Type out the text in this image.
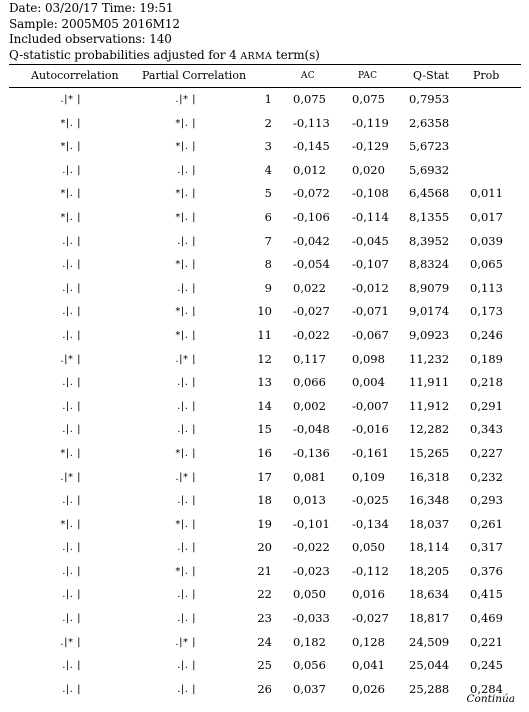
Date: 03/20/17 Time: 19:51
Sample: 2005M05 2016M12
Included observations: 140
Q-statistic probabilities adjusted for 4 ARMA term(s)
Autocorrelation Partial Correlation	AC	PAC	Q-Stat Prob
.|* |	.|* |	1 0,075 0,075 0,7953
*|. |	*|. |	2 -0,113 -0,119 2,6358
*|. |	*|. |	3 -0,145 -0,129 5,6723
.|. |	.|. |	4 0,012 0,020 5,6932
*|. |	*|. |	5 -0,072 -0,108 6,4568 0,011
*|. |	*|. |	6 -0,106 -0,114 8,1355 0,017
.|. |	.|. |	7 -0,042 -0,045 8,3952 0,039
.|. |	*|. |	8 -0,054 -0,107 8,8324 0,065
.|. |	.|. |	9 0,022 -0,012 8,9079 0,113
.|. |	*|. |	10 -0,027 -0,071 9,0174 0,173
.|. |	*|. |	11 -0,022 -0,067 9,0923 0,246
.|* |	.|* |	12 0,117 0,098 11,232 0,189
.|. |	.|. |	13 0,066 0,004 11,911 0,218
.|. |	.|. |	14 0,002 -0,007 11,912 0,291
.|. |	.|. |	15 -0,048 -0,016 12,282 0,343
*|. |	*|. |	16 -0,136 -0,161 15,265 0,227
.|* |	.|* |	17 0,081 0,109 16,318 0,232
.|. |	.|. |	18 0,013 -0,025 16,348 0,293
*|. |	*|. |	19 -0,101 -0,134 18,037 0,261
.|. |	.|. |	20 -0,022 0,050 18,114 0,317
.|. |	*|. |	21 -0,023 -0,112 18,205 0,376
.|. |	.|. |	22 0,050 0,016 18,634 0,415
.|. |	.|. |	23 -0,033 -0,027 18,817 0,469
.|* |	.|* |	24 0,182 0,128 24,509 0,221
.|. |	.|. |	25 0,056 0,041 25,044 0,245
.|. |	.|. |	26 0,037 0,026 25,288 0,284
Continúa
